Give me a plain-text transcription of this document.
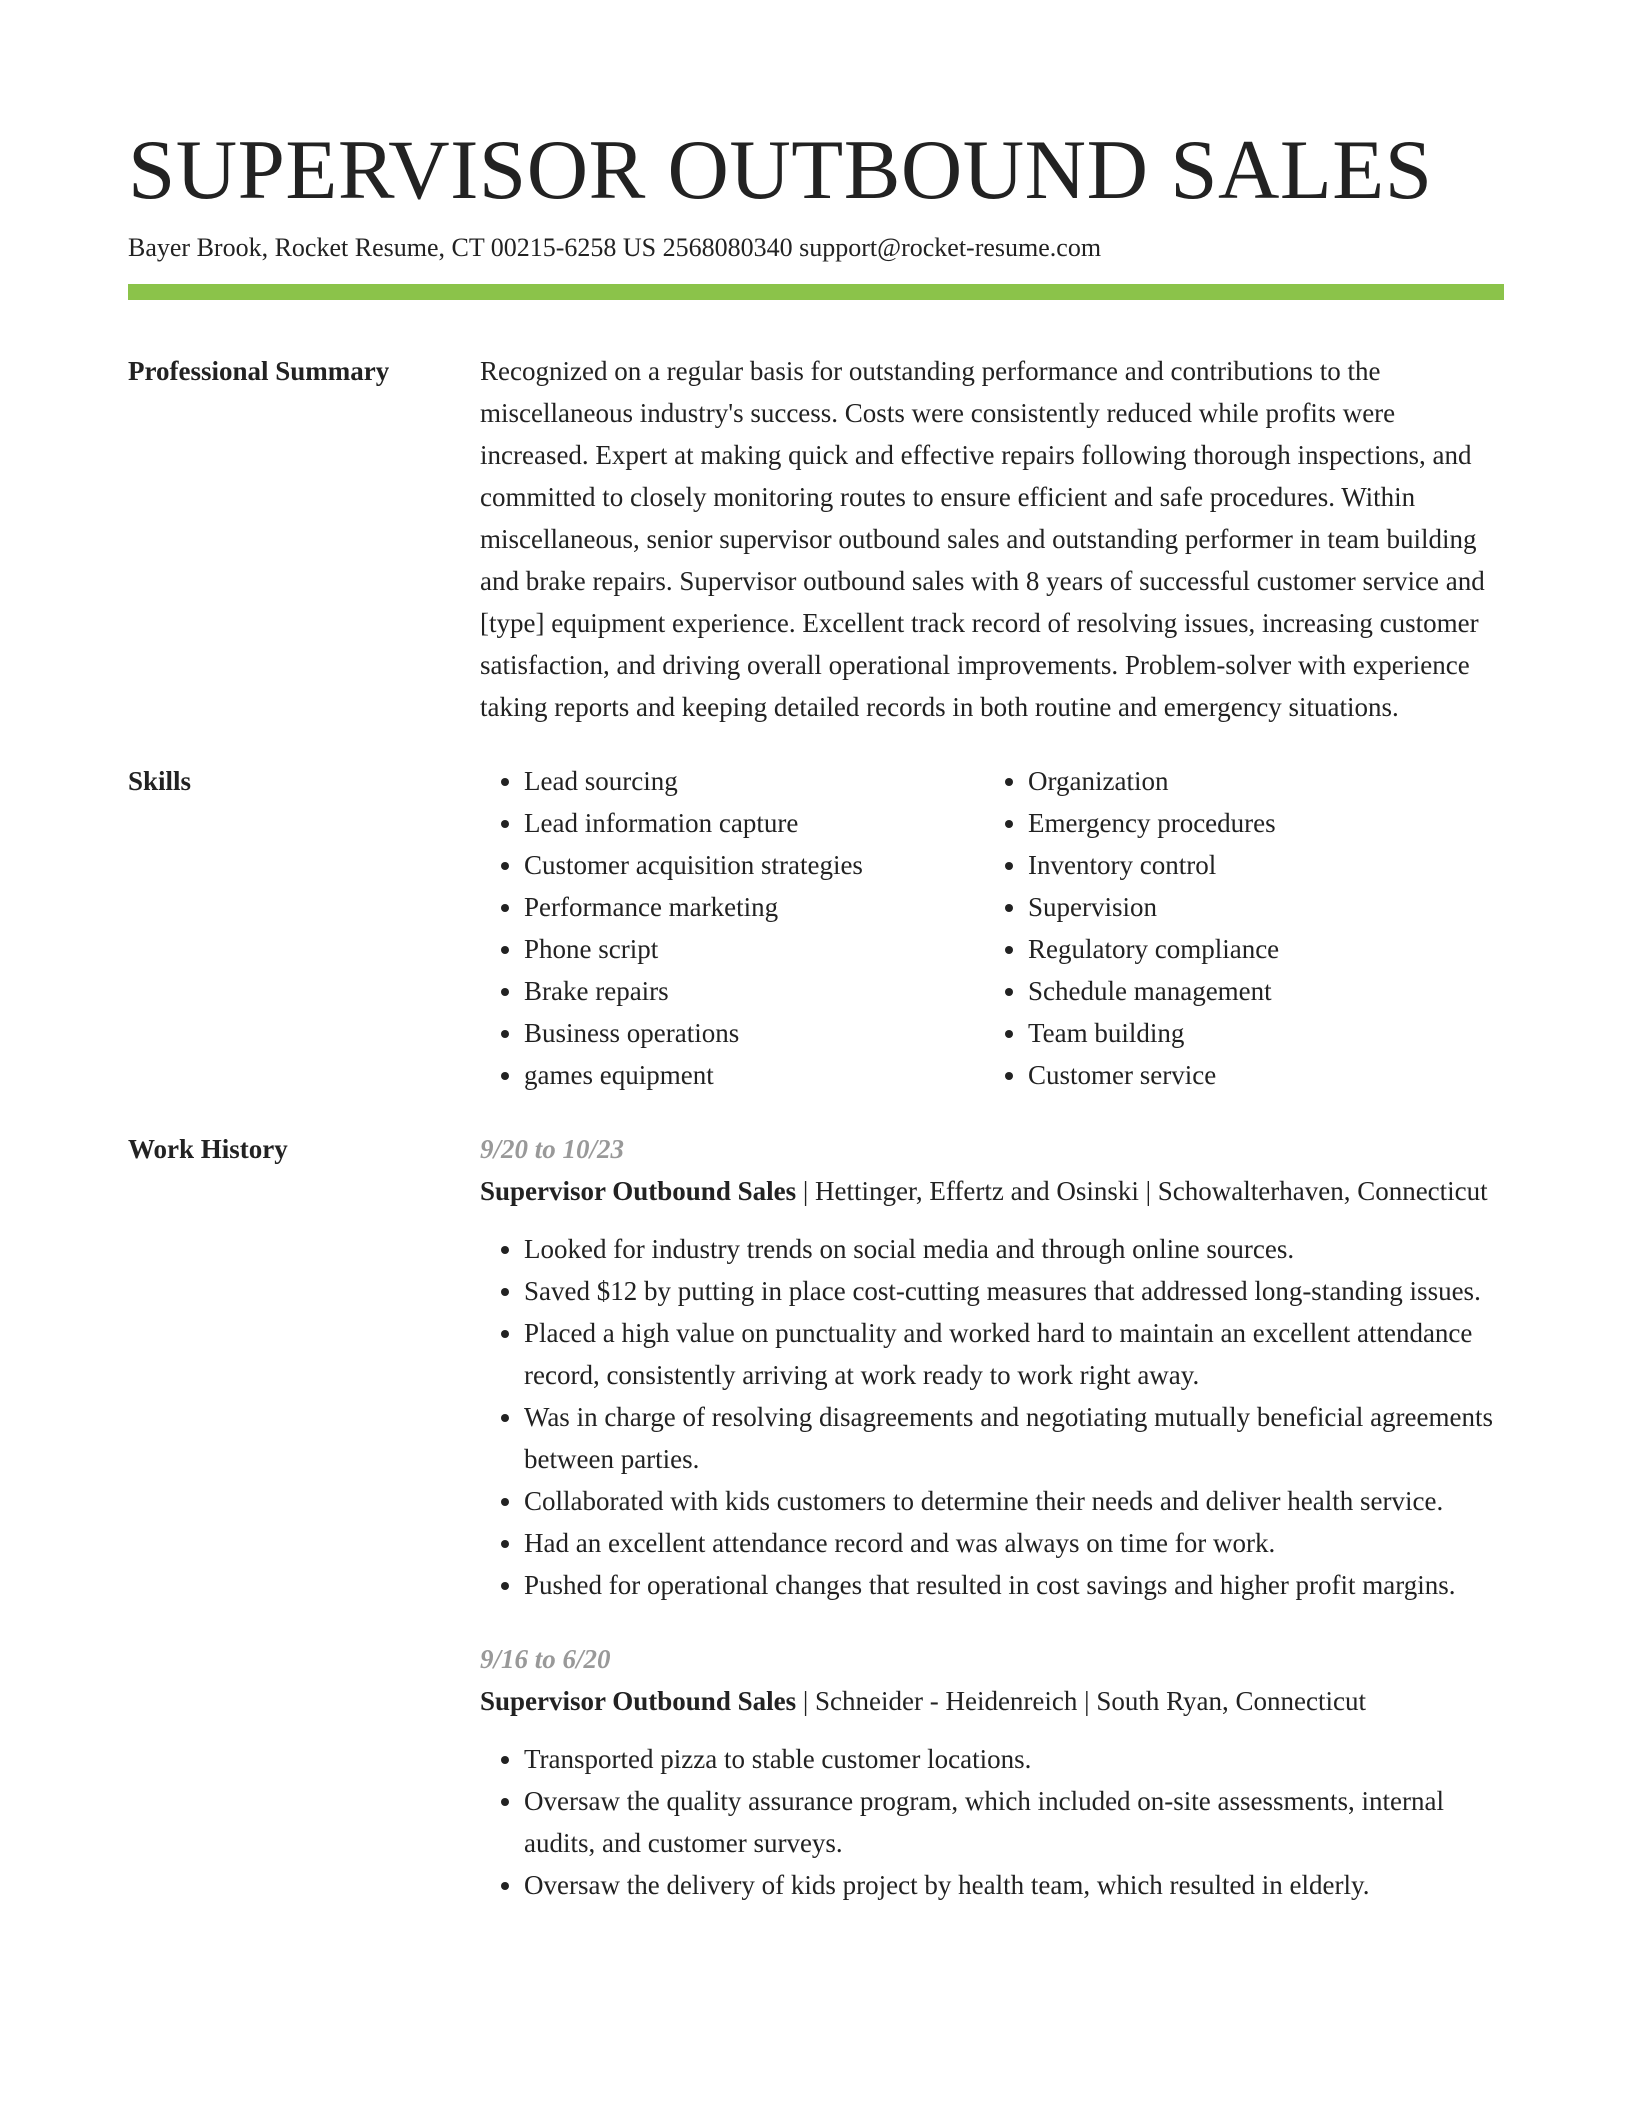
SUPERVISOR OUTBOUND SALES
Bayer Brook, Rocket Resume, CT 00215-6258 US 2568080340 support@rocket-resume.com
Professional Summary	Recognized on a regular basis for outstanding performance and contributions to the miscellaneous industry's success. Costs were consistently reduced while profits were increased. Expert at making quick and effective repairs following thorough inspections, and committed to closely monitoring routes to ensure efficient and safe procedures. Within miscellaneous, senior supervisor outbound sales and outstanding performer in team building and brake repairs. Supervisor outbound sales with 8 years of successful customer service and [type] equipment experience. Excellent track record of resolving issues, increasing customer satisfaction, and driving overall operational improvements. Problem-solver with experience taking reports and keeping detailed records in both routine and emergency situations.

Skills	• Lead sourcing
• Lead information capture
• Customer acquisition strategies
• Performance marketing
• Phone script
• Brake repairs
• Business operations
• games equipment
• Organization
• Emergency procedures
• Inventory control
• Supervision
• Regulatory compliance
• Schedule management
• Team building
• Customer service
Work History	9/20 to 10/23
Supervisor Outbound Sales | Hettinger, Effertz and Osinski | Schowalterhaven, Connecticut
• Looked for industry trends on social media and through online sources.
• Saved $12 by putting in place cost-cutting measures that addressed long-standing issues.
• Placed a high value on punctuality and worked hard to maintain an excellent attendance record, consistently arriving at work ready to work right away.
• Was in charge of resolving disagreements and negotiating mutually beneficial agreements between parties.
• Collaborated with kids customers to determine their needs and deliver health service.
• Had an excellent attendance record and was always on time for work.
• Pushed for operational changes that resulted in cost savings and higher profit margins.
9/16 to 6/20
Supervisor Outbound Sales | Schneider - Heidenreich | South Ryan, Connecticut
• Transported pizza to stable customer locations.
• Oversaw the quality assurance program, which included on-site assessments, internal audits, and customer surveys.
• Oversaw the delivery of kids project by health team, which resulted in elderly.
